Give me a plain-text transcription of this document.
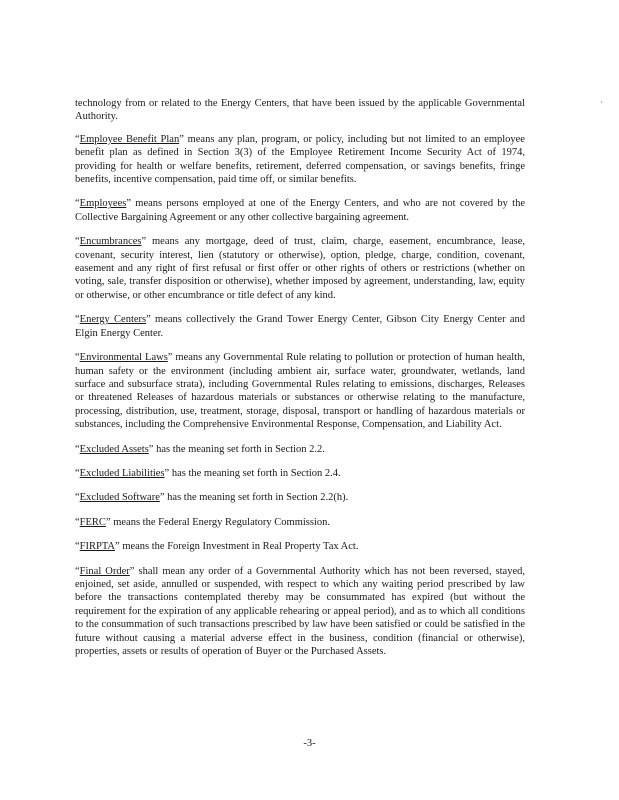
technology from or related to the Energy Centers, that have been issued by the applicable Governmental Authority.

“Employee Benefit Plan” means any plan, program, or policy, including but not limited to an employee benefit plan as defined in Section 3(3) of the Employee Retirement Income Security Act of 1974, providing for health or welfare benefits, retirement, deferred compensation, or savings benefits, fringe benefits, incentive compensation, paid time off, or similar benefits.

“Employees” means persons employed at one of the Energy Centers, and who are not covered by the Collective Bargaining Agreement or any other collective bargaining agreement.

“Encumbrances” means any mortgage, deed of trust, claim, charge, easement, encumbrance, lease, covenant, security interest, lien (statutory or otherwise), option, pledge, charge, condition, covenant, easement and any right of first refusal or first offer or other rights of others or restrictions (whether on voting, sale, transfer disposition or otherwise), whether imposed by agreement, understanding, law, equity or otherwise, or other encumbrance or title defect of any kind.

“Energy Centers” means collectively the Grand Tower Energy Center, Gibson City Energy Center and Elgin Energy Center.

“Environmental Laws” means any Governmental Rule relating to pollution or protection of human health, human safety or the environment (including ambient air, surface water, groundwater, wetlands, land surface and subsurface strata), including Governmental Rules relating to emissions, discharges, Releases or threatened Releases of hazardous materials or substances or otherwise relating to the manufacture, processing, distribution, use, treatment, storage, disposal, transport or handling of hazardous materials or substances, including the Comprehensive Environmental Response, Compensation, and Liability Act.

“Excluded Assets” has the meaning set forth in Section 2.2.

“Excluded Liabilities” has the meaning set forth in Section 2.4.

“Excluded Software” has the meaning set forth in Section 2.2(h).

“FERC” means the Federal Energy Regulatory Commission.

“FIRPTA” means the Foreign Investment in Real Property Tax Act.

“Final Order” shall mean any order of a Governmental Authority which has not been reversed, stayed, enjoined, set aside, annulled or suspended, with respect to which any waiting period prescribed by law before the transactions contemplated thereby may be consummated has expired (but without the requirement for the expiration of any applicable rehearing or appeal period), and as to which all conditions to the consummation of such transactions prescribed by law have been satisfied or could be satisfied in the future without causing a material adverse effect in the business, condition (financial or otherwise), properties, assets or results of operation of Buyer or the Purchased Assets.

·
-3-
